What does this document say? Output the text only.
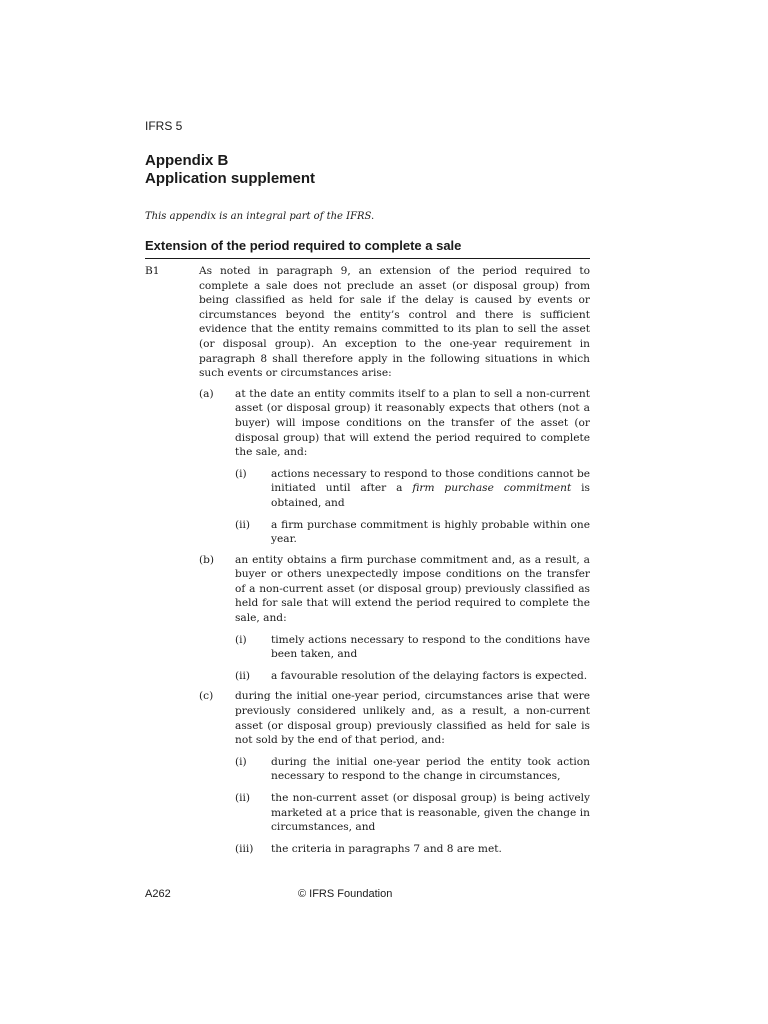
IFRS 5
Appendix B
Application supplement
This appendix is an integral part of the IFRS.
Extension of the period required to complete a sale
B1	As noted in paragraph 9, an extension of the period required to complete a sale does not preclude an asset (or disposal group) from being classified as held for sale if the delay is caused by events or circumstances beyond the entity’s control and there is sufficient evidence that the entity remains committed to its plan to sell the asset (or disposal group). An exception to the one-year requirement in paragraph 8 shall therefore apply in the following situations in which such events or circumstances arise:

(a) at the date an entity commits itself to a plan to sell a non-current asset (or disposal group) it reasonably expects that others (not a buyer) will impose conditions on the transfer of the asset (or disposal group) that will extend the period required to complete the sale, and:

(i) actions necessary to respond to those conditions cannot be initiated until after a firm purchase commitment is obtained, and

(ii) a firm purchase commitment is highly probable within one year.

(b) an entity obtains a firm purchase commitment and, as a result, a buyer or others unexpectedly impose conditions on the transfer of a non-current asset (or disposal group) previously classified as held for sale that will extend the period required to complete the sale, and:

(i) timely actions necessary to respond to the conditions have been taken, and

(ii) a favourable resolution of the delaying factors is expected.

(c) during the initial one-year period, circumstances arise that were previously considered unlikely and, as a result, a non-current asset (or disposal group) previously classified as held for sale is not sold by the end of that period, and:

(i) during the initial one-year period the entity took action necessary to respond to the change in circumstances,

(ii) the non-current asset (or disposal group) is being actively marketed at a price that is reasonable, given the change in circumstances, and

(iii) the criteria in paragraphs 7 and 8 are met.

A262	© IFRS Foundation
